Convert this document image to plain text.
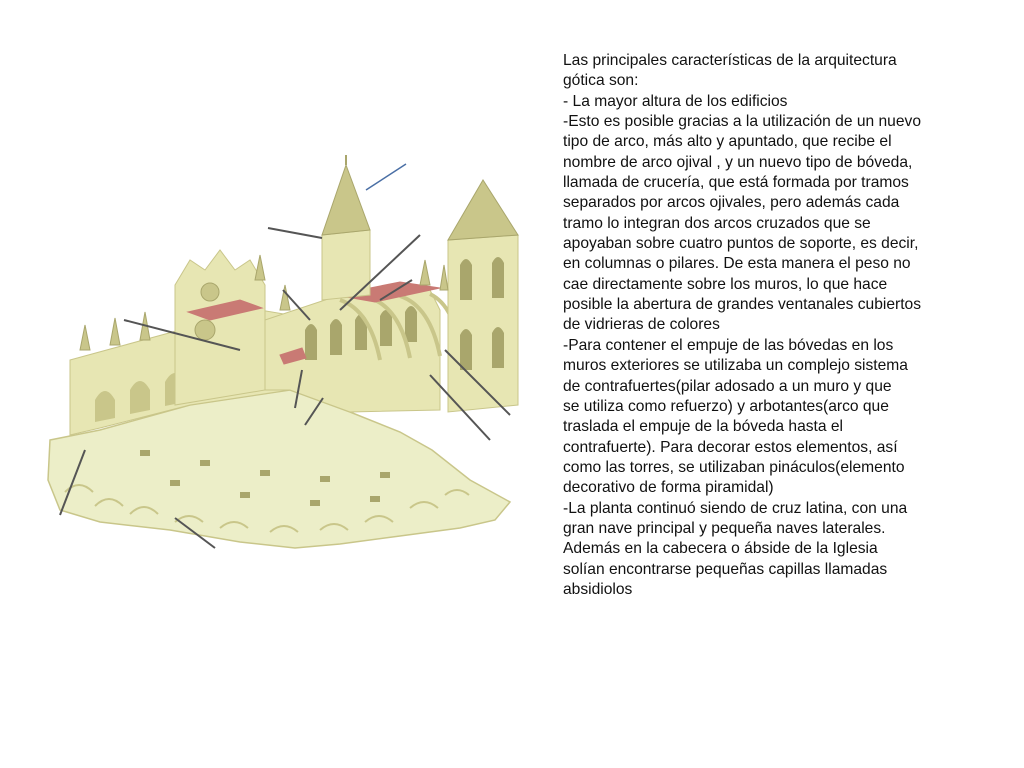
Las principales características de la arquitectura
gótica son:
- La mayor altura de los edificios
-Esto es posible gracias a la utilización de un nuevo
tipo de arco, más alto y apuntado, que recibe el
nombre de arco ojival , y un nuevo tipo de bóveda,
llamada de crucería, que está formada por tramos
separados por arcos ojivales, pero además cada
tramo lo integran dos arcos cruzados que se
apoyaban sobre cuatro puntos de soporte, es decir,
en columnas o pilares. De esta manera el peso no
cae directamente sobre los muros, lo que hace
posible la abertura de grandes ventanales cubiertos
de vidrieras de colores
-Para contener el empuje de las bóvedas en los
muros exteriores se utilizaba un complejo sistema
de contrafuertes(pilar adosado a un muro y que
se utiliza como refuerzo) y arbotantes(arco que
traslada el empuje de la bóveda hasta el
contrafuerte). Para decorar estos elementos, así
como las torres, se utilizaban pináculos(elemento
decorativo de forma piramidal)
-La planta continuó siendo de cruz latina, con una
gran nave principal y pequeña naves laterales.
Además en la cabecera o ábside de la Iglesia
solían encontrarse pequeñas capillas llamadas
absidiolos
